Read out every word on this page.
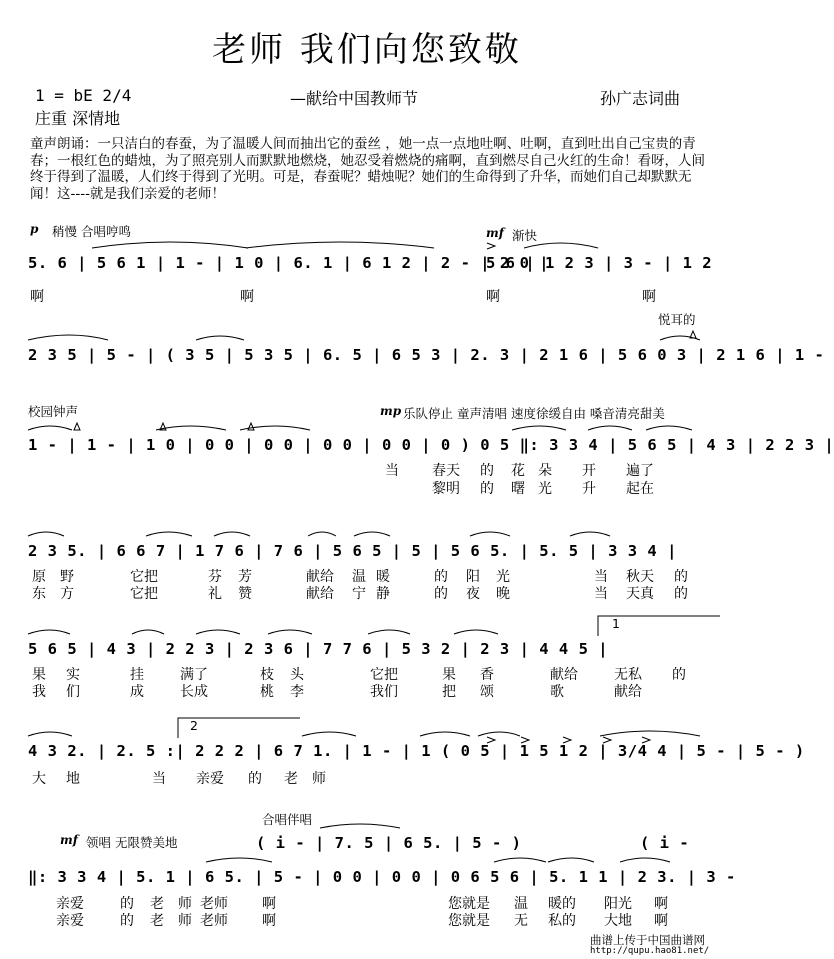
老师 我们向您致敬
1 = bE 2/4
庄重 深情地
—献给中国教师节	孙广志词曲
童声朗诵：一只洁白的春蚕，为了温暖人间而抽出它的蚕丝 ，她一点一点地吐啊、吐啊，直到吐出自己宝贵的青春；一根红色的蜡烛，为了照亮别人而默默地燃烧，她忍受着燃烧的痛啊，直到燃尽自己火红的生命！看呀，人间终于得到了温暖，人们终于得到了光明。可是，春蚕呢？蜡烛呢？她们的生命得到了升华，而她们自己却默默无闻！这----就是我们亲爱的老师！
p 稍慢 合唱哼鸣	mf 渐快
5. 6 | 5 6 1 | 1 - | 1 0 | 6. 1 | 6 1 2 | 2 - | 2 0 |
5 6 | 1 2 3 | 3 - | 1 2
啊	啊	啊	啊
悦耳的
2 3 5 | 5 - | ( 3 5 | 5 3 5 | 6. 5 | 6 5 3 | 2. 3 | 2 1 6 | 5 6 0 3 | 2 1 6 | 1 -
校园钟声	mp 乐队停止 童声清唱 速度徐缓自由 嗓音清亮甜美
1 - | 1 - | 1 0 | 0 0 | 0 0 | 0 0 | 0 0 | 0 ) 0 5 ‖: 3 3 4 | 5 6 5 | 4 3 | 2 2 3 |
当 春天 的 花 朵 开 遍了
黎明 的 曙 光 升 起在
2 3 5. | 6 6 7 | 1 7 6 | 7 6 | 5 6 5 | 5 | 5 6 5. | 5. 5 | 3 3 4 |
原 野	它把	芬 芳	献给 温 暖	的 阳 光	当 秋天 的
东 方	它把	礼 赞	献给 宁 静	的 夜 晚	当 天真 的
1
5 6 5 | 4 3 | 2 2 3 | 2 3 6 | 7 7 6 | 5 3 2 | 2 3 | 4 4 5 |
果 实	挂	满了	枝 头	它把	果 香	献给	无私 的
我 们	成	长成	桃 李	我们	把 颂	歌	献给
2
4 3 2. | 2. 5 :| 2 2 2 | 6 7 1. | 1 - | 1 ( 0 5 | 1 5 1 2 | 3/4 4 | 5 - | 5 - )
大 地	当 亲爱 的 老 师
合唱伴唱
mf 领唱 无限赞美地	( i - | 7. 5 | 6 5. | 5 - )	( i -
‖: 3 3 4 | 5. 1 | 6 5. | 5 - | 0 0 | 0 0 | 0 6 5 6 | 5. 1 1 | 2 3. | 3 -
亲爱	的 老 师 老师 啊	您就是 温 暖的 阳光 啊
亲爱	的 老 师 老师 啊	您就是 无 私的 大地 啊
曲谱上传于中国曲谱网
http://qupu.hao81.net/
